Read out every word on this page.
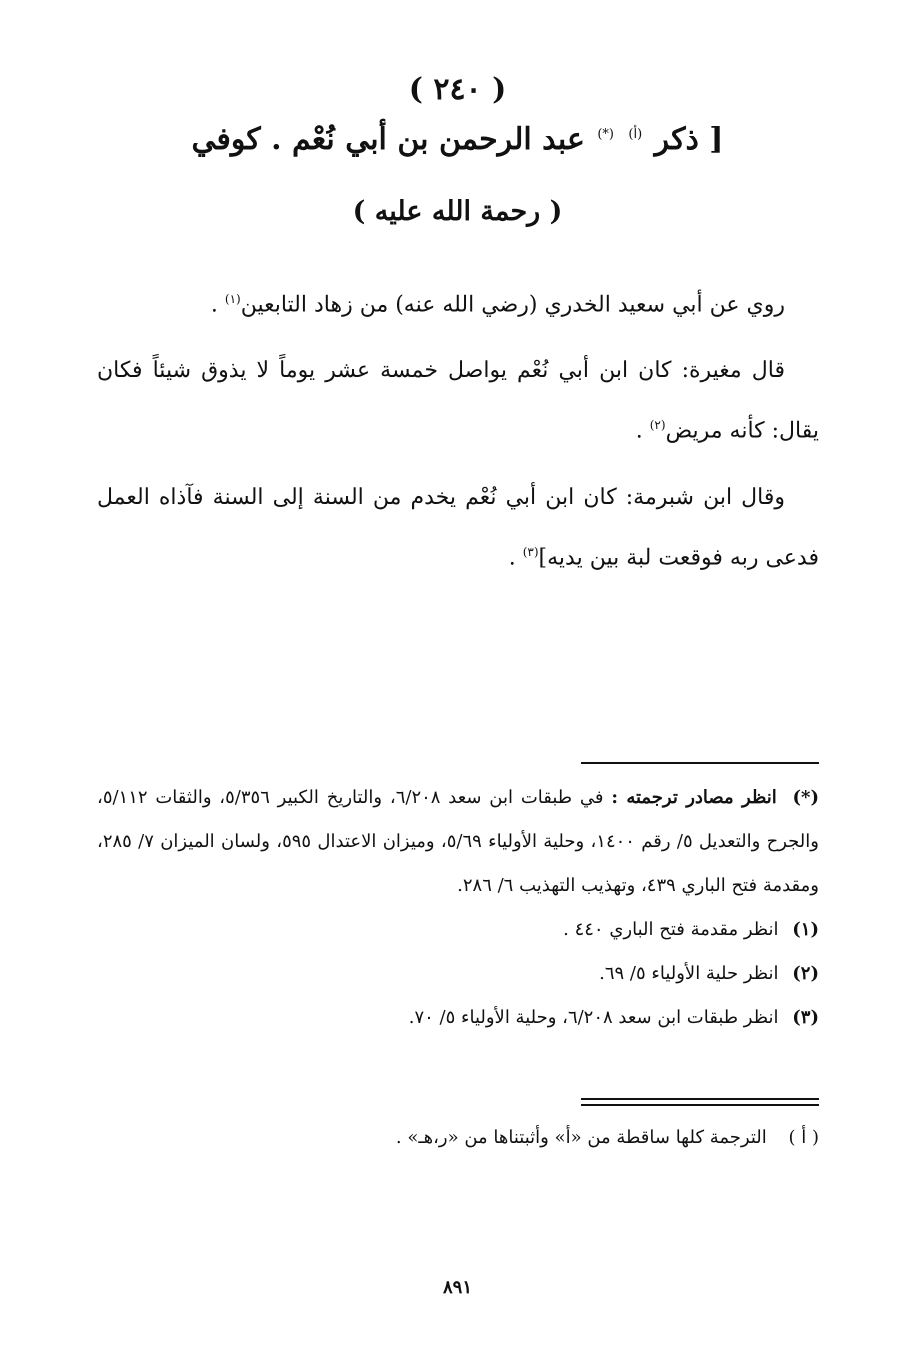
( ٢٤٠ )
[ ذكر $^{(أ)}$ (*) عبد الرحمن بن أبي نُعْم . كوفي
( رحمة الله عليه )

روي عن أبي سعيد الخدري (رضي الله عنه) من زهاد التابعين$^{(١)}$ .

قال مغيرة: كان ابن أبي نُعْم يواصل خمسة عشر يوماً لا يذوق شيئاً فكان يقال: كأنه مريض$^{(٢)}$ .

وقال ابن شبرمة: كان ابن أبي نُعْم يخدم من السنة إلى السنة فآذاه العمل فدعى ربه فوقعت لبة بين يديه]$^{(٣)}$ .

(*) انظر مصادر ترجمته : في طبقات ابن سعد ٦/٢٠٨، والتاريخ الكبير ٥/٣٥٦، والثقات ٥/١١٢، والجرح والتعديل ٥/ رقم ١٤٠٠، وحلية الأولياء ٥/٦٩، وميزان الاعتدال ٥٩٥، ولسان الميزان ٧/ ٢٨٥، ومقدمة فتح الباري ٤٣٩، وتهذيب التهذيب ٦/ ٢٨٦.

(١) انظر مقدمة فتح الباري ٤٤٠ .

(٢) انظر حلية الأولياء ٥/ ٦٩.

(٣) انظر طبقات ابن سعد ٦/٢٠٨، وحلية الأولياء ٥/ ٧٠.

( أ ) الترجمة كلها ساقطة من «أ» وأثبتناها من «ر،هـ» .
٨٩١
